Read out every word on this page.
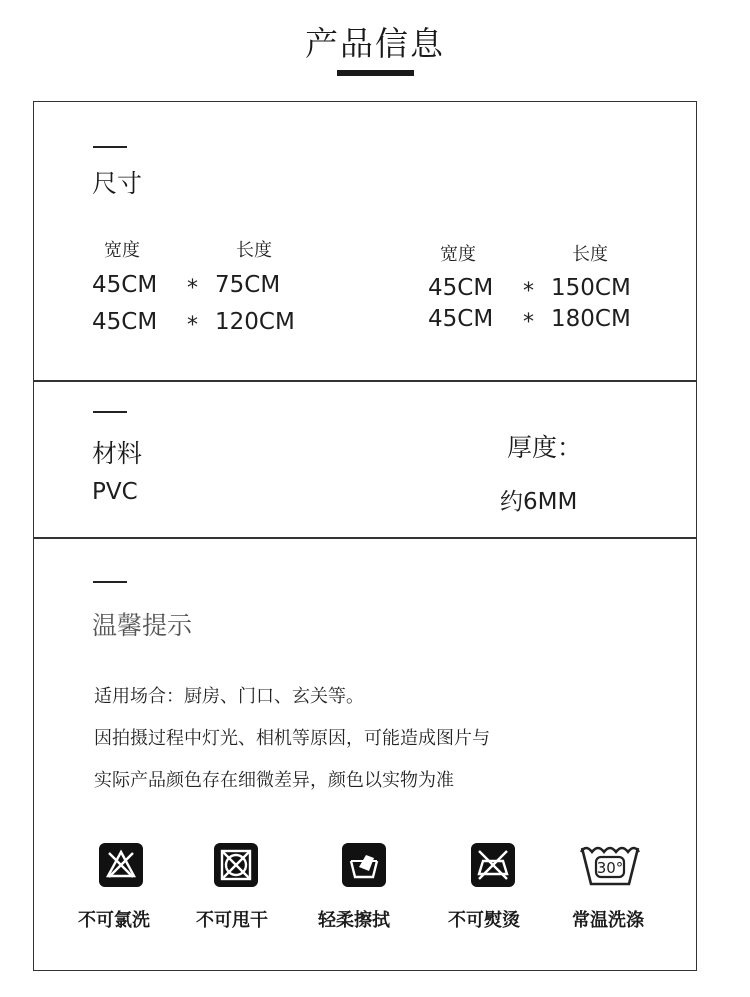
产品信息
尺寸
宽度	长度	宽度	长度
45CM * 75CM
45CM * 120CM
45CM * 150CM
45CM * 180CM
材料
PVC
厚度：
约6MM
温馨提示
适用场合：厨房、门口、玄关等。
因拍摄过程中灯光、相机等原因，可能造成图片与
实际产品颜色存在细微差异，颜色以实物为准
30°
不可氯洗	不可甩干	轻柔擦拭	不可熨烫	常温洗涤
